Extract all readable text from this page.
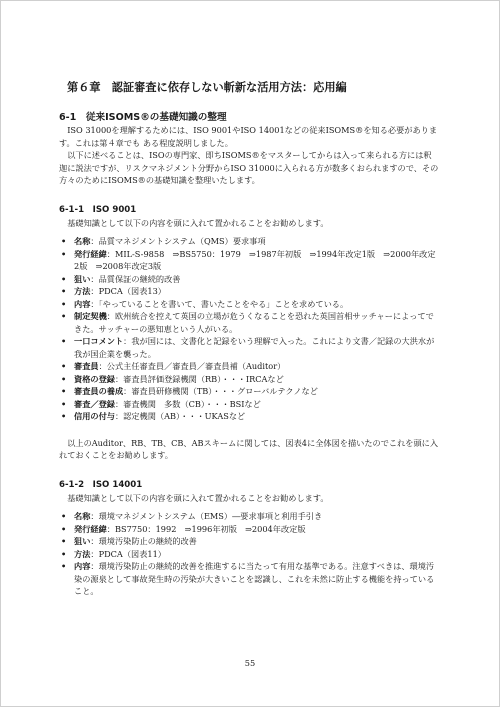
第６章　認証審査に依存しない斬新な活用方法：応用編
6-1　従来ISOMS®の基礎知識の整理

ISO 31000を理解するためには、ISO 9001やISO 14001などの従来ISOMS®を知る必要があります。これは第４章でも ある程度説明しました。

以下に述べることは、ISOの専門家、即ちISOMS®をマスターしてからは入って来られる方には釈迦に説法ですが、リスクマネジメント分野からISO 31000に入られる方が数多くおられますので、その方々のためにISOMS®の基礎知識を整理いたします。

6-1-1　ISO 9001

基礎知識として以下の内容を頭に入れて置かれることをお勧めします。

• 名称：品質マネジメントシステム（QMS）要求事項
• 発行経緯：MIL-S-9858　⇒BS5750：1979　⇒1987年初版　⇒1994年改定1版　⇒2000年改定2版　⇒2008年改定3版
• 狙い：品質保証の継続的改善
• 方法：PDCA（図表13）
• 内容：「やっていることを書いて、書いたことをやる」ことを求めている。
• 制定契機：欧州統合を控えて英国の立場が危うくなることを恐れた英国首相サッチャーによってできた。サッチャーの悪知恵という人がいる。
• 一口コメント：我が国には、文書化と記録をいう理解で入った。これにより文書／記録の大洪水が我が国企業を襲った。
• 審査員：公式主任審査員／審査員／審査員補（Auditor）
• 資格の登録：審査員評価登録機関（RB）・・・IRCAなど
• 審査員の養成：審査員研修機関（TB）・・・グローバルテクノなど
• 審査／登録：審査機関　多数（CB）・・・BSIなど
• 信用の付与：認定機関（AB）・・・UKASなど

以上のAuditor、RB、TB、CB、ABスキームに関しては、図表4に全体図を描いたのでこれを頭に入れておくことをお勧めします。

6-1-2　ISO 14001

基礎知識として以下の内容を頭に入れて置かれることをお勧めします。

• 名称：環境マネジメントシステム（EMS）―要求事項と利用手引き
• 発行経緯：BS7750：1992　⇒1996年初版　⇒2004年改定版
• 狙い：環境汚染防止の継続的改善
• 方法：PDCA（図表11）
• 内容：環境汚染防止の継続的改善を推進するに当たって有用な基準である。注意すべきは、環境汚染の源泉として事故発生時の汚染が大きいことを認識し、これを未然に防止する機能を持っていること。
55
